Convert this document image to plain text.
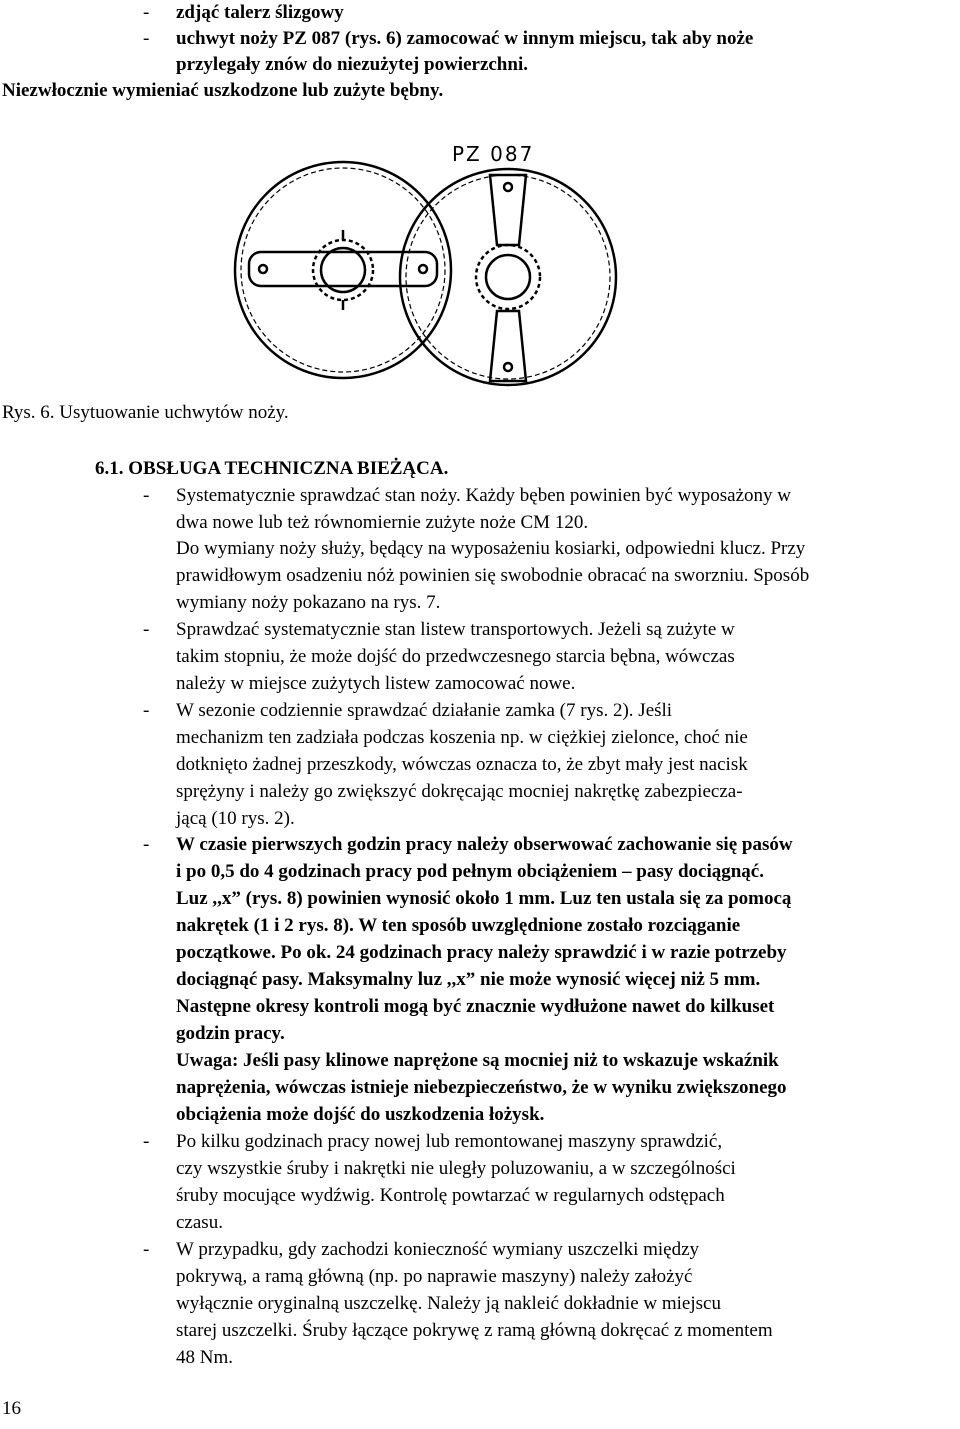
- zdjąć talerz ślizgowy
- uchwyt noży PZ 087 (rys. 6) zamocować w innym miejscu, tak aby noże
przylegały znów do niezużytej powierzchni.
Niezwłocznie wymieniać uszkodzone lub zużyte bębny.
PZ 087
Rys. 6. Usytuowanie uchwytów noży.
6.1. OBSŁUGA TECHNICZNA BIEŻĄCA.
- Systematycznie sprawdzać stan noży. Każdy bęben powinien być wyposażony w
dwa nowe lub też równomiernie zużyte noże CM 120.
Do wymiany noży służy, będący na wyposażeniu kosiarki, odpowiedni klucz. Przy
prawidłowym osadzeniu nóż powinien się swobodnie obracać na sworzniu. Sposób
wymiany noży pokazano na rys. 7.
- Sprawdzać systematycznie stan listew transportowych. Jeżeli są zużyte w
takim stopniu, że może dojść do przedwczesnego starcia bębna, wówczas
należy w miejsce zużytych listew zamocować nowe.
- W sezonie codziennie sprawdzać działanie zamka (7 rys. 2). Jeśli
mechanizm ten zadziała podczas koszenia np. w ciężkiej zielonce, choć nie
dotknięto żadnej przeszkody, wówczas oznacza to, że zbyt mały jest nacisk
sprężyny i należy go zwiększyć dokręcając mocniej nakrętkę zabezpiecza-
jącą (10 rys. 2).
- W czasie pierwszych godzin pracy należy obserwować zachowanie się pasów
i po 0,5 do 4 godzinach pracy pod pełnym obciążeniem – pasy dociągnąć.
Luz ,,x” (rys. 8) powinien wynosić około 1 mm. Luz ten ustala się za pomocą
nakrętek (1 i 2 rys. 8). W ten sposób uwzględnione zostało rozciąganie
początkowe. Po ok. 24 godzinach pracy należy sprawdzić i w razie potrzeby
dociągnąć pasy. Maksymalny luz ,,x” nie może wynosić więcej niż 5 mm.
Następne okresy kontroli mogą być znacznie wydłużone nawet do kilkuset
godzin pracy.
Uwaga: Jeśli pasy klinowe naprężone są mocniej niż to wskazuje wskaźnik
naprężenia, wówczas istnieje niebezpieczeństwo, że w wyniku zwiększonego
obciążenia może dojść do uszkodzenia łożysk.
- Po kilku godzinach pracy nowej lub remontowanej maszyny sprawdzić,
czy wszystkie śruby i nakrętki nie uległy poluzowaniu, a w szczególności
śruby mocujące wydźwig. Kontrolę powtarzać w regularnych odstępach
czasu.
- W przypadku, gdy zachodzi konieczność wymiany uszczelki między
pokrywą, a ramą główną (np. po naprawie maszyny) należy założyć
wyłącznie oryginalną uszczelkę. Należy ją nakleić dokładnie w miejscu
starej uszczelki. Śruby łączące pokrywę z ramą główną dokręcać z momentem
48 Nm.
16
